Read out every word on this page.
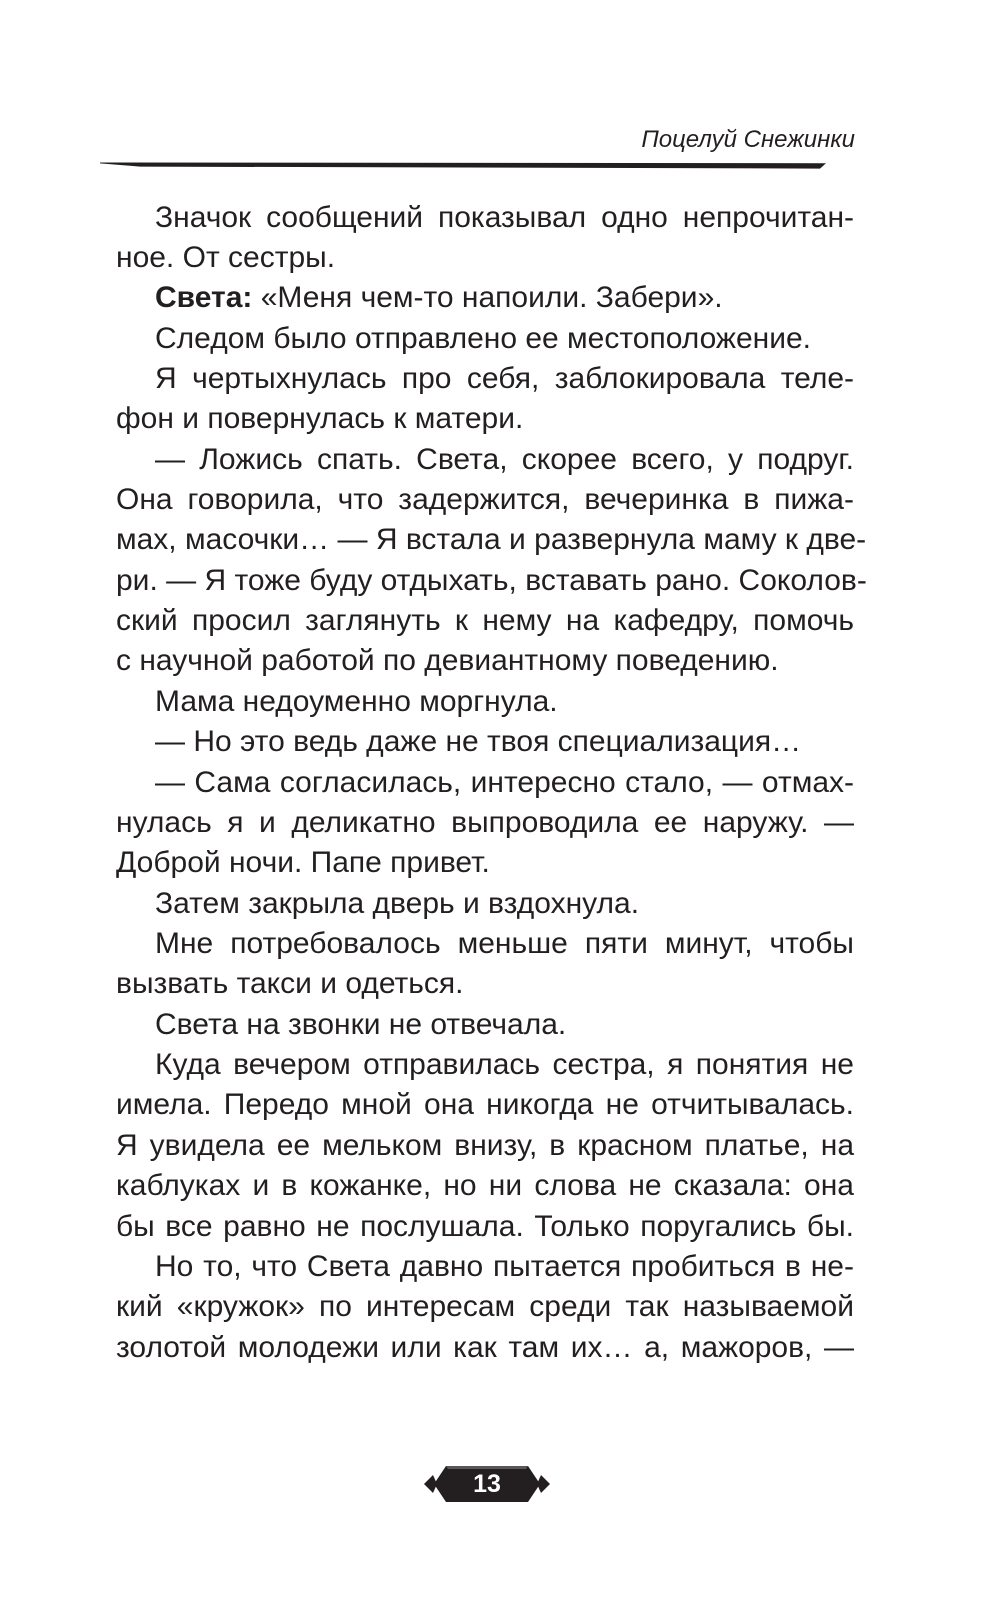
Поцелуй Снежинки
Значок сообщений показывал одно непрочитан-
ное. От сестры.
Света: «Меня чем-то напоили. Забери».
Следом было отправлено ее местоположение.
Я чертыхнулась про себя, заблокировала теле-
фон и повернулась к матери.
— Ложись спать. Света, скорее всего, у подруг.
Она говорила, что задержится, вечеринка в пижа-
мах, масочки… — Я встала и развернула маму к две-
ри. — Я тоже буду отдыхать, вставать рано. Соколов-
ский просил заглянуть к нему на кафедру, помочь
с научной работой по девиантному поведению.
Мама недоуменно моргнула.
— Но это ведь даже не твоя специализация…
— Сама согласилась, интересно стало, — отмах-
нулась я и деликатно выпроводила ее наружу. —
Доброй ночи. Папе привет.
Затем закрыла дверь и вздохнула.
Мне потребовалось меньше пяти минут, чтобы
вызвать такси и одеться.
Света на звонки не отвечала.
Куда вечером отправилась сестра, я понятия не
имела. Передо мной она никогда не отчитывалась.
Я увидела ее мельком внизу, в красном платье, на
каблуках и в кожанке, но ни слова не сказала: она
бы все равно не послушала. Только поругались бы.
Но то, что Света давно пытается пробиться в не-
кий «кружок» по интересам среди так называемой
золотой молодежи или как там их… а, мажоров, —
13
